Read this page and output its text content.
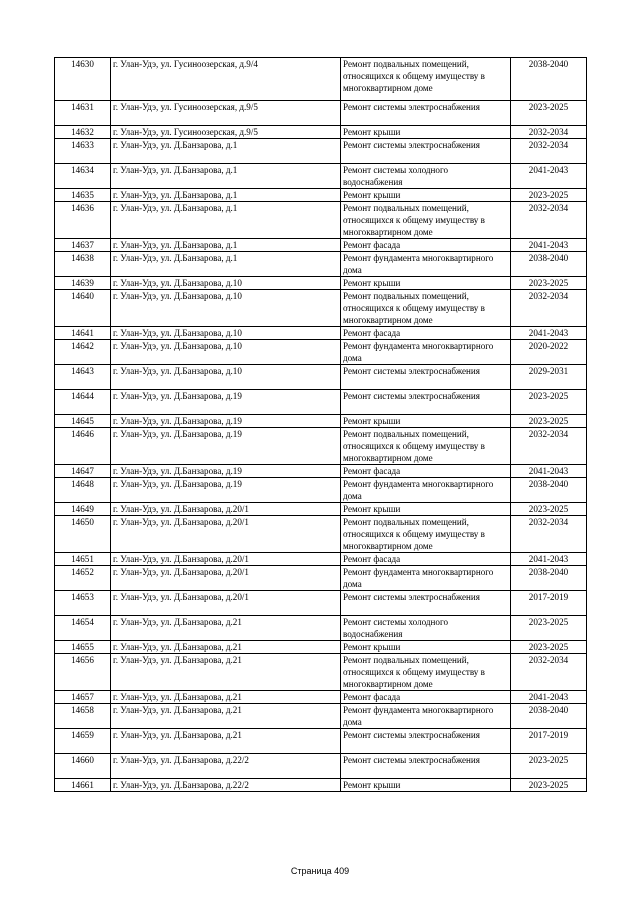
14630	г. Улан-Удэ, ул. Гусиноозерская, д.9/4	Ремонт подвальных помещений,
относящихся к общему имуществу в
многоквартирном доме	2038-2040
14631	г. Улан-Удэ, ул. Гусиноозерская, д.9/5	Ремонт системы электроснабжения	2023-2025
14632	г. Улан-Удэ, ул. Гусиноозерская, д.9/5	Ремонт крыши	2032-2034
14633	г. Улан-Удэ, ул. Д.Банзарова, д.1	Ремонт системы электроснабжения	2032-2034
14634	г. Улан-Удэ, ул. Д.Банзарова, д.1	Ремонт системы холодного
водоснабжения	2041-2043
14635	г. Улан-Удэ, ул. Д.Банзарова, д.1	Ремонт крыши	2023-2025
14636	г. Улан-Удэ, ул. Д.Банзарова, д.1	Ремонт подвальных помещений,
относящихся к общему имуществу в
многоквартирном доме	2032-2034
14637	г. Улан-Удэ, ул. Д.Банзарова, д.1	Ремонт фасада	2041-2043
14638	г. Улан-Удэ, ул. Д.Банзарова, д.1	Ремонт фундамента многоквартирного
дома	2038-2040
14639	г. Улан-Удэ, ул. Д.Банзарова, д.10	Ремонт крыши	2023-2025
14640	г. Улан-Удэ, ул. Д.Банзарова, д.10	Ремонт подвальных помещений,
относящихся к общему имуществу в
многоквартирном доме	2032-2034
14641	г. Улан-Удэ, ул. Д.Банзарова, д.10	Ремонт фасада	2041-2043
14642	г. Улан-Удэ, ул. Д.Банзарова, д.10	Ремонт фундамента многоквартирного
дома	2020-2022
14643	г. Улан-Удэ, ул. Д.Банзарова, д.10	Ремонт системы электроснабжения	2029-2031
14644	г. Улан-Удэ, ул. Д.Банзарова, д.19	Ремонт системы электроснабжения	2023-2025
14645	г. Улан-Удэ, ул. Д.Банзарова, д.19	Ремонт крыши	2023-2025
14646	г. Улан-Удэ, ул. Д.Банзарова, д.19	Ремонт подвальных помещений,
относящихся к общему имуществу в
многоквартирном доме	2032-2034
14647	г. Улан-Удэ, ул. Д.Банзарова, д.19	Ремонт фасада	2041-2043
14648	г. Улан-Удэ, ул. Д.Банзарова, д.19	Ремонт фундамента многоквартирного
дома	2038-2040
14649	г. Улан-Удэ, ул. Д.Банзарова, д.20/1	Ремонт крыши	2023-2025
14650	г. Улан-Удэ, ул. Д.Банзарова, д.20/1	Ремонт подвальных помещений,
относящихся к общему имуществу в
многоквартирном доме	2032-2034
14651	г. Улан-Удэ, ул. Д.Банзарова, д.20/1	Ремонт фасада	2041-2043
14652	г. Улан-Удэ, ул. Д.Банзарова, д.20/1	Ремонт фундамента многоквартирного
дома	2038-2040
14653	г. Улан-Удэ, ул. Д.Банзарова, д.20/1	Ремонт системы электроснабжения	2017-2019
14654	г. Улан-Удэ, ул. Д.Банзарова, д.21	Ремонт системы холодного
водоснабжения	2023-2025
14655	г. Улан-Удэ, ул. Д.Банзарова, д.21	Ремонт крыши	2023-2025
14656	г. Улан-Удэ, ул. Д.Банзарова, д.21	Ремонт подвальных помещений,
относящихся к общему имуществу в
многоквартирном доме	2032-2034
14657	г. Улан-Удэ, ул. Д.Банзарова, д.21	Ремонт фасада	2041-2043
14658	г. Улан-Удэ, ул. Д.Банзарова, д.21	Ремонт фундамента многоквартирного
дома	2038-2040
14659	г. Улан-Удэ, ул. Д.Банзарова, д.21	Ремонт системы электроснабжения	2017-2019
14660	г. Улан-Удэ, ул. Д.Банзарова, д.22/2	Ремонт системы электроснабжения	2023-2025
14661	г. Улан-Удэ, ул. Д.Банзарова, д.22/2	Ремонт крыши	2023-2025
Страница 409
